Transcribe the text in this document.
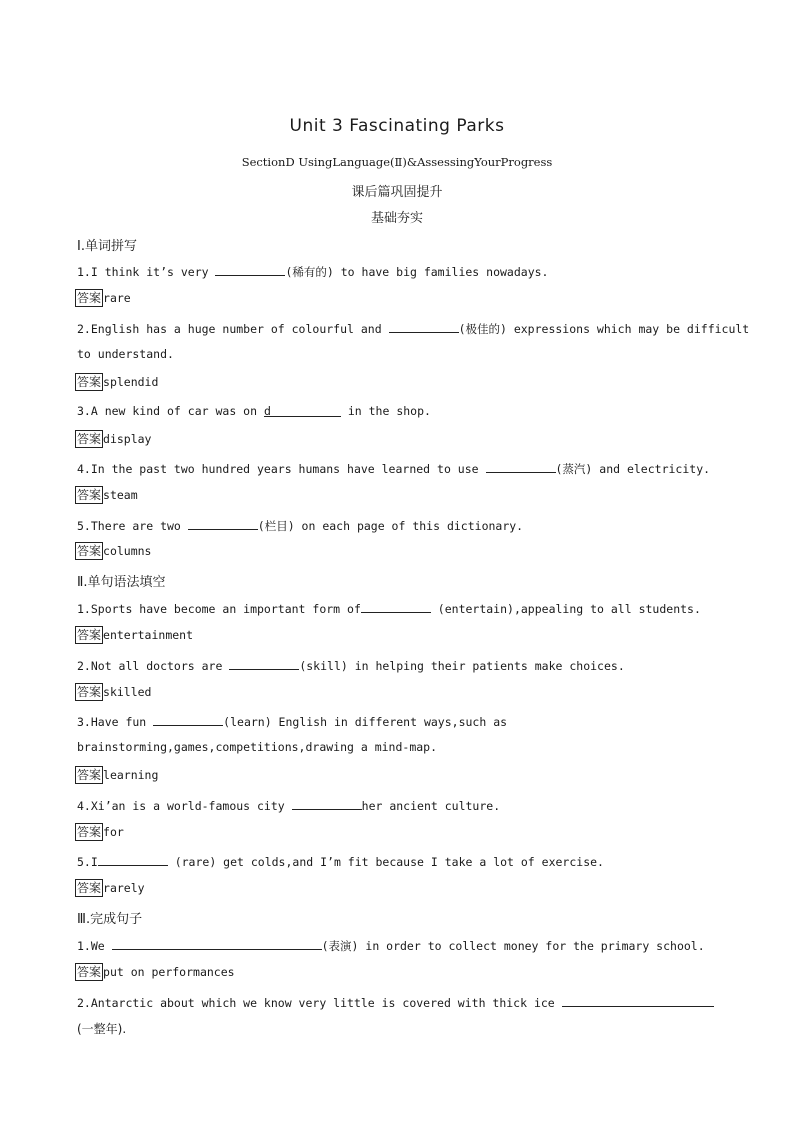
Unit 3 Fascinating Parks
SectionD UsingLanguage(Ⅱ)&AssessingYourProgress
课后篇巩固提升
基础夯实
Ⅰ.单词拼写
1.I think it’s very	(稀有的) to have big families nowadays.
答案 rare
2.English has a huge number of colourful and	(极佳的) expressions which may be difficult
to understand.
答案 splendid
3.A new kind of car was on d	in the shop.
答案 display
4.In the past two hundred years humans have learned to use	(蒸汽) and electricity.
答案 steam
5.There are two	(栏目) on each page of this dictionary.
答案 columns
Ⅱ.单句语法填空
1.Sports have become an important form of	(entertain),appealing to all students.
答案 entertainment
2.Not all doctors are	(skill) in helping their patients make choices.
答案 skilled
3.Have fun	(learn) English in different ways,such as
brainstorming,games,competitions,drawing a mind-map.
答案 learning
4.Xi’an is a world-famous city	her ancient culture.
答案 for
5.I	(rare) get colds,and I’m fit because I take a lot of exercise.
答案 rarely
Ⅲ.完成句子
1.We	(表演) in order to collect money for the primary school.
答案 put on performances
2.Antarctic about which we know very little is covered with thick ice
(一整年).
